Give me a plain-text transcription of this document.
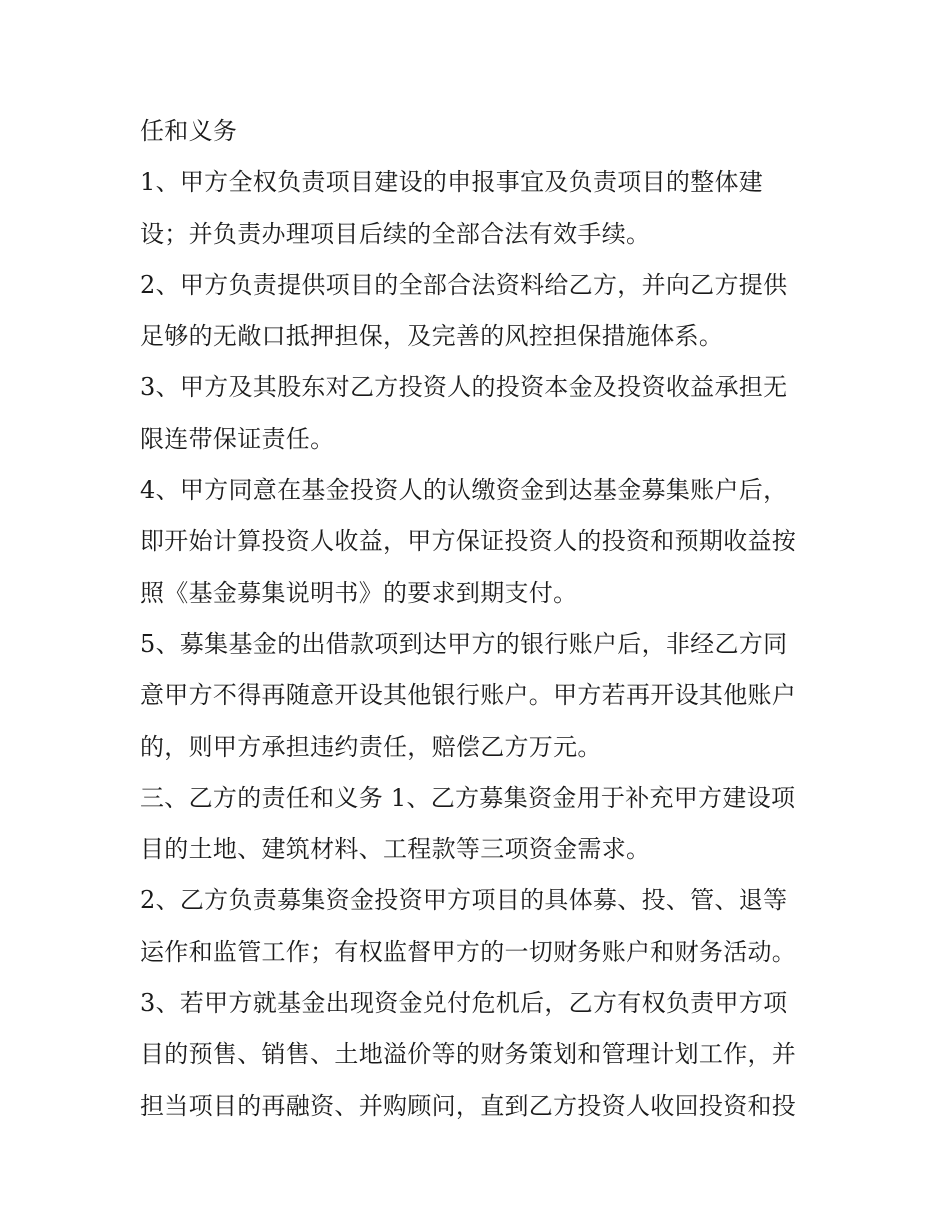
任和义务
1、甲方全权负责项目建设的申报事宜及负责项目的整体建
设；并负责办理项目后续的全部合法有效手续。
2、甲方负责提供项目的全部合法资料给乙方，并向乙方提供
足够的无敞口抵押担保，及完善的风控担保措施体系。
3、甲方及其股东对乙方投资人的投资本金及投资收益承担无
限连带保证责任。
4、甲方同意在基金投资人的认缴资金到达基金募集账户后，
即开始计算投资人收益，甲方保证投资人的投资和预期收益按
照《基金募集说明书》的要求到期支付。
5、募集基金的出借款项到达甲方的银行账户后，非经乙方同
意甲方不得再随意开设其他银行账户。甲方若再开设其他账户
的，则甲方承担违约责任，赔偿乙方万元。
三、乙方的责任和义务 1、乙方募集资金用于补充甲方建设项
目的土地、建筑材料、工程款等三项资金需求。
2、乙方负责募集资金投资甲方项目的具体募、投、管、退等
运作和监管工作；有权监督甲方的一切财务账户和财务活动。
3、若甲方就基金出现资金兑付危机后，乙方有权负责甲方项
目的预售、销售、土地溢价等的财务策划和管理计划工作，并
担当项目的再融资、并购顾问，直到乙方投资人收回投资和投
